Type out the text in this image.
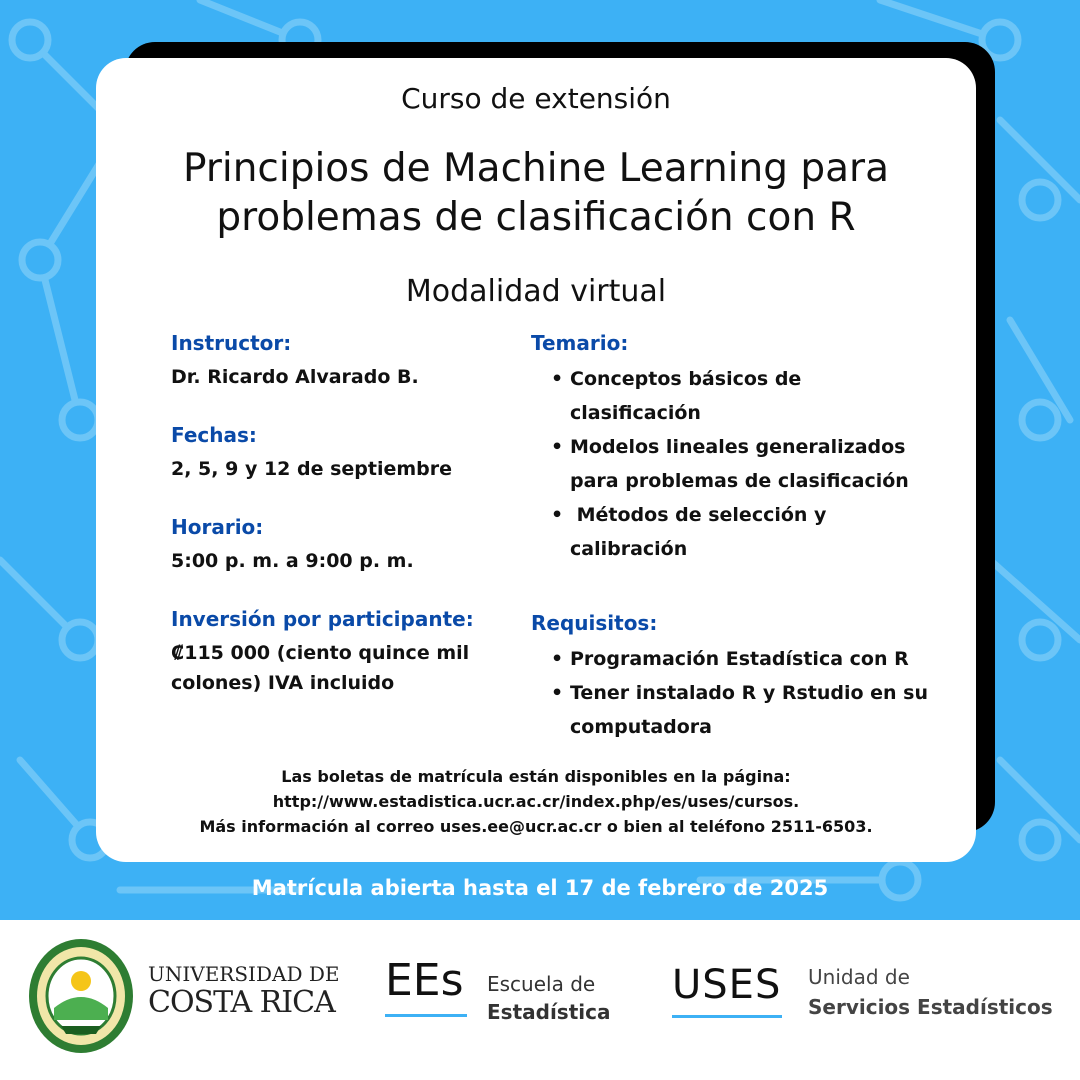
Curso de extensión
Principios de Machine Learning para
problemas de clasificación con R
Modalidad virtual
Instructor:
Dr. Ricardo Alvarado B.
Fechas:
2, 5, 9 y 12 de septiembre
Horario:
5:00 p. m. a 9:00 p. m.
Inversión por participante:
₡115 000 (ciento quince mil
colones) IVA incluido
Temario:
• Conceptos básicos de
clasificación
• Modelos lineales generalizados
para problemas de clasificación
•  Métodos de selección y
calibración
Requisitos:
• Programación Estadística con R
• Tener instalado R y Rstudio en su
computadora
Las boletas de matrícula están disponibles en la página:
http://www.estadistica.ucr.ac.cr/index.php/es/uses/cursos.
Más información al correo uses.ee@ucr.ac.cr o bien al teléfono 2511-6503.
Matrícula abierta hasta el 17 de febrero de 2025
UNIVERSIDAD DE
COSTA RICA EEs Escuela de
Estadística
USES Unidad de
Servicios Estadísticos
